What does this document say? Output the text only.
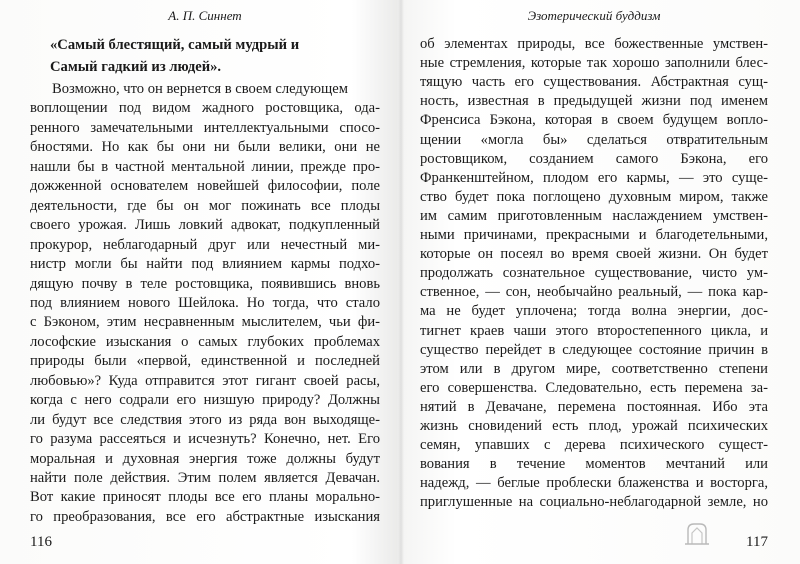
А. П. Синнет
«Самый блестящий, самый мудрый и
Самый гадкий из людей».
Возможно, что он вернется в своем следующем
воплощении под видом жадного ростовщика, ода-
ренного замечательными интеллектуальными спосо-
бностями. Но как бы они ни были велики, они не
нашли бы в частной ментальной линии, прежде про-
дожженной основателем новейшей философии, поле
деятельности, где бы он мог пожинать все плоды
своего урожая. Лишь ловкий адвокат, подкупленный
прокурор, неблагодарный друг или нечестный ми-
нистр могли бы найти под влиянием кармы подхо-
дящую почву в теле ростовщика, появившись вновь
под влиянием нового Шейлока. Но тогда, что стало
с Бэконом, этим несравненным мыслителем, чьи фи-
лософские изыскания о самых глубоких проблемах
природы были «первой, единственной и последней
любовью»? Куда отправится этот гигант своей расы,
когда с него содрали его низшую природу? Должны
ли будут все следствия этого из ряда вон выходяще-
го разума рассеяться и исчезнуть? Конечно, нет. Его
моральная и духовная энергия тоже должны будут
найти поле действия. Этим полем является Девачан.
Вот какие приносят плоды все его планы морально-
го преобразования, все его абстрактные изыскания
116
Эзотерический буддизм
об элементах природы, все божественные умствен-
ные стремления, которые так хорошо заполнили блес-
тящую часть его существования. Абстрактная сущ-
ность, известная в предыдущей жизни под именем
Френсиса Бэкона, которая в своем будущем вопло-
щении «могла бы» сделаться отвратительным
ростовщиком, созданием самого Бэкона, его
Франкенштейном, плодом его кармы, — это суще-
ство будет пока поглощено духовным миром, также
им самим приготовленным наслаждением умствен-
ными причинами, прекрасными и благодетельными,
которые он посеял во время своей жизни. Он будет
продолжать сознательное существование, чисто ум-
ственное, — сон, необычайно реальный, — пока кар-
ма не будет уплочена; тогда волна энергии, дос-
тигнет краев чаши этого второстепенного цикла, и
существо перейдет в следующее состояние причин в
этом или в другом мире, соответственно степени
его совершенства. Следовательно, есть перемена за-
нятий в Девачане, перемена постоянная. Ибо эта
жизнь сновидений есть плод, урожай психических
семян, упавших с дерева психического сущест-
вования в течение моментов мечтаний или
надежд, — беглые проблески блаженства и восторга,
приглушенные на социально-неблагодарной земле, но
117
